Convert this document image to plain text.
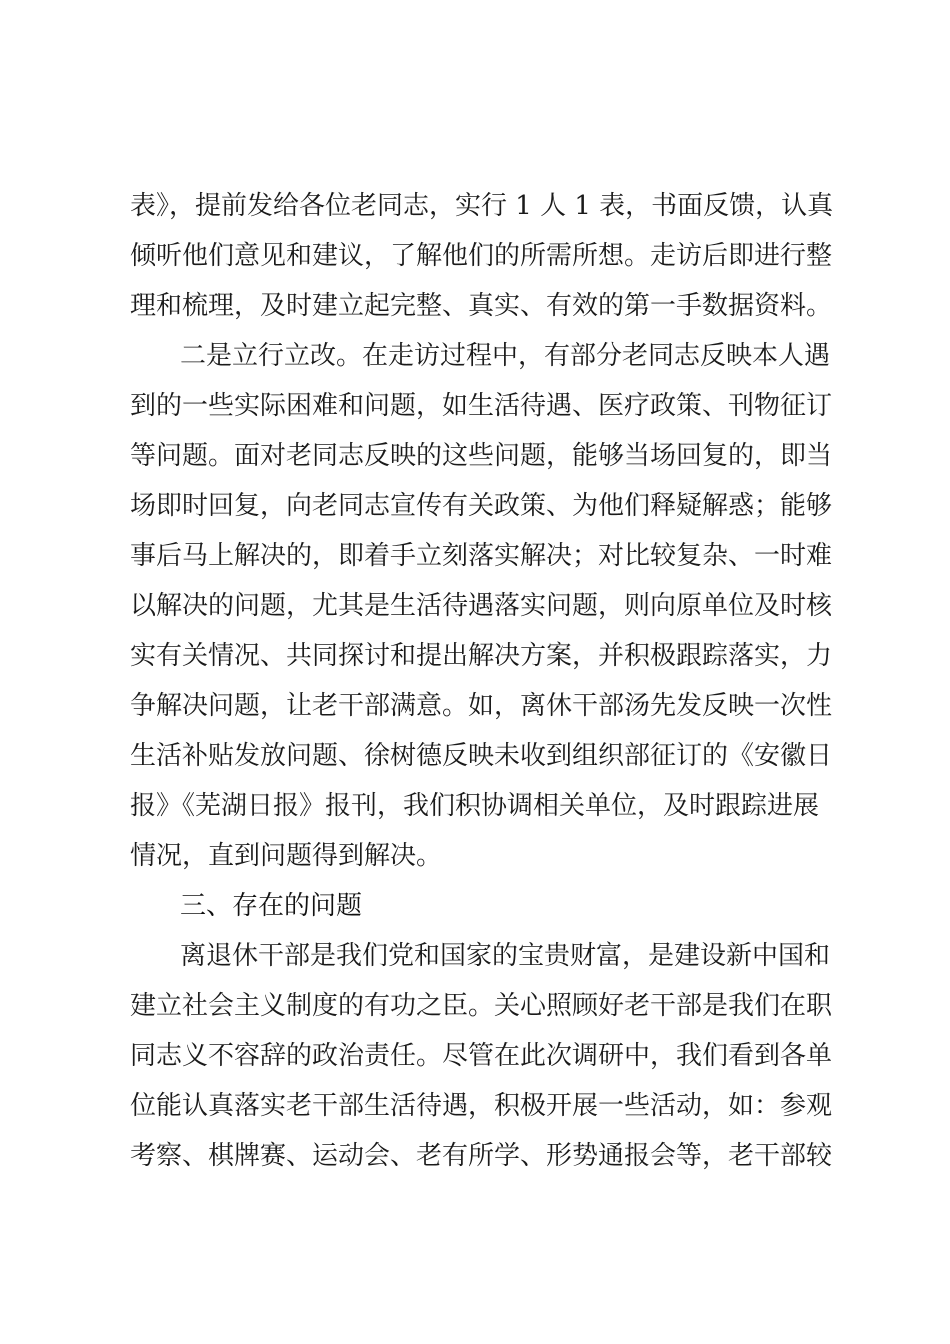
表》，提前发给各位老同志，实行 1 人 1 表，书面反馈，认真
倾听他们意见和建议，了解他们的所需所想。走访后即进行整
理和梳理，及时建立起完整、真实、有效的第一手数据资料。
二是立行立改。在走访过程中，有部分老同志反映本人遇
到的一些实际困难和问题，如生活待遇、医疗政策、刊物征订
等问题。面对老同志反映的这些问题，能够当场回复的，即当
场即时回复，向老同志宣传有关政策、为他们释疑解惑；能够
事后马上解决的，即着手立刻落实解决；对比较复杂、一时难
以解决的问题，尤其是生活待遇落实问题，则向原单位及时核
实有关情况、共同探讨和提出解决方案，并积极跟踪落实，力
争解决问题，让老干部满意。如，离休干部汤先发反映一次性
生活补贴发放问题、徐树德反映未收到组织部征订的《安徽日
报》《芜湖日报》报刊，我们积协调相关单位，及时跟踪进展
情况，直到问题得到解决。
三、存在的问题
离退休干部是我们党和国家的宝贵财富，是建设新中国和
建立社会主义制度的有功之臣。关心照顾好老干部是我们在职
同志义不容辞的政治责任。尽管在此次调研中，我们看到各单
位能认真落实老干部生活待遇，积极开展一些活动，如：参观
考察、棋牌赛、运动会、老有所学、形势通报会等，老干部较
